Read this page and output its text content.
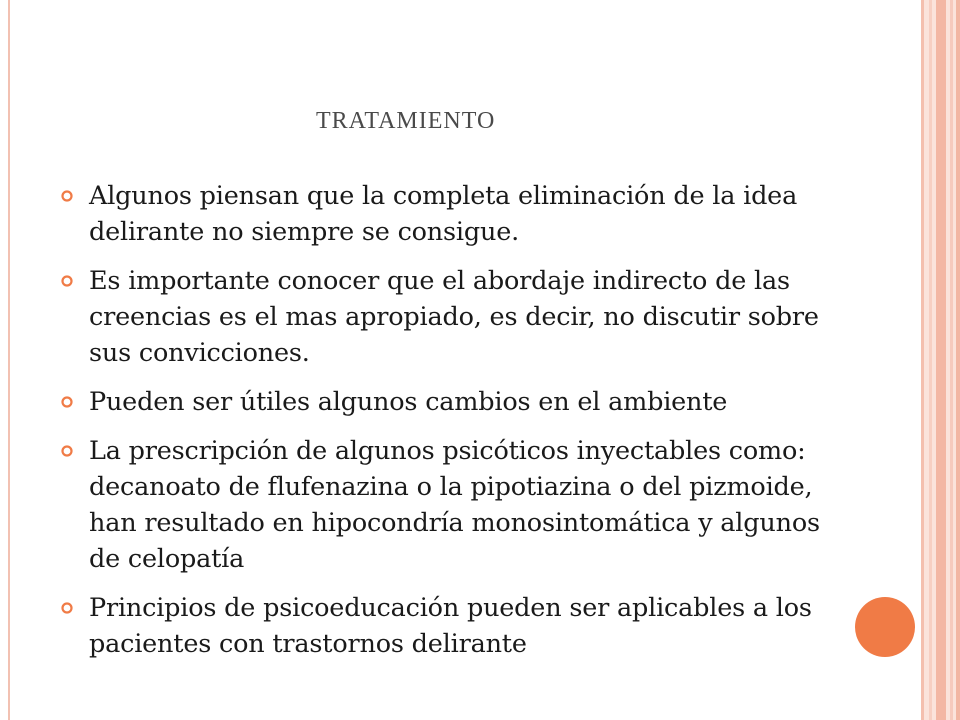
TRATAMIENTO
Algunos piensan que la completa eliminación de la idea delirante no siempre se consigue.
Es importante conocer que el abordaje indirecto de las creencias es el mas apropiado, es decir, no discutir sobre sus convicciones.
Pueden ser útiles algunos cambios en el ambiente
La prescripción de algunos psicóticos inyectables como: decanoato de flufenazina o la pipotiazina o del pizmoide, han resultado en hipocondría monosintomática y algunos de celopatía
Principios de psicoeducación pueden ser aplicables a los pacientes con trastornos delirante
